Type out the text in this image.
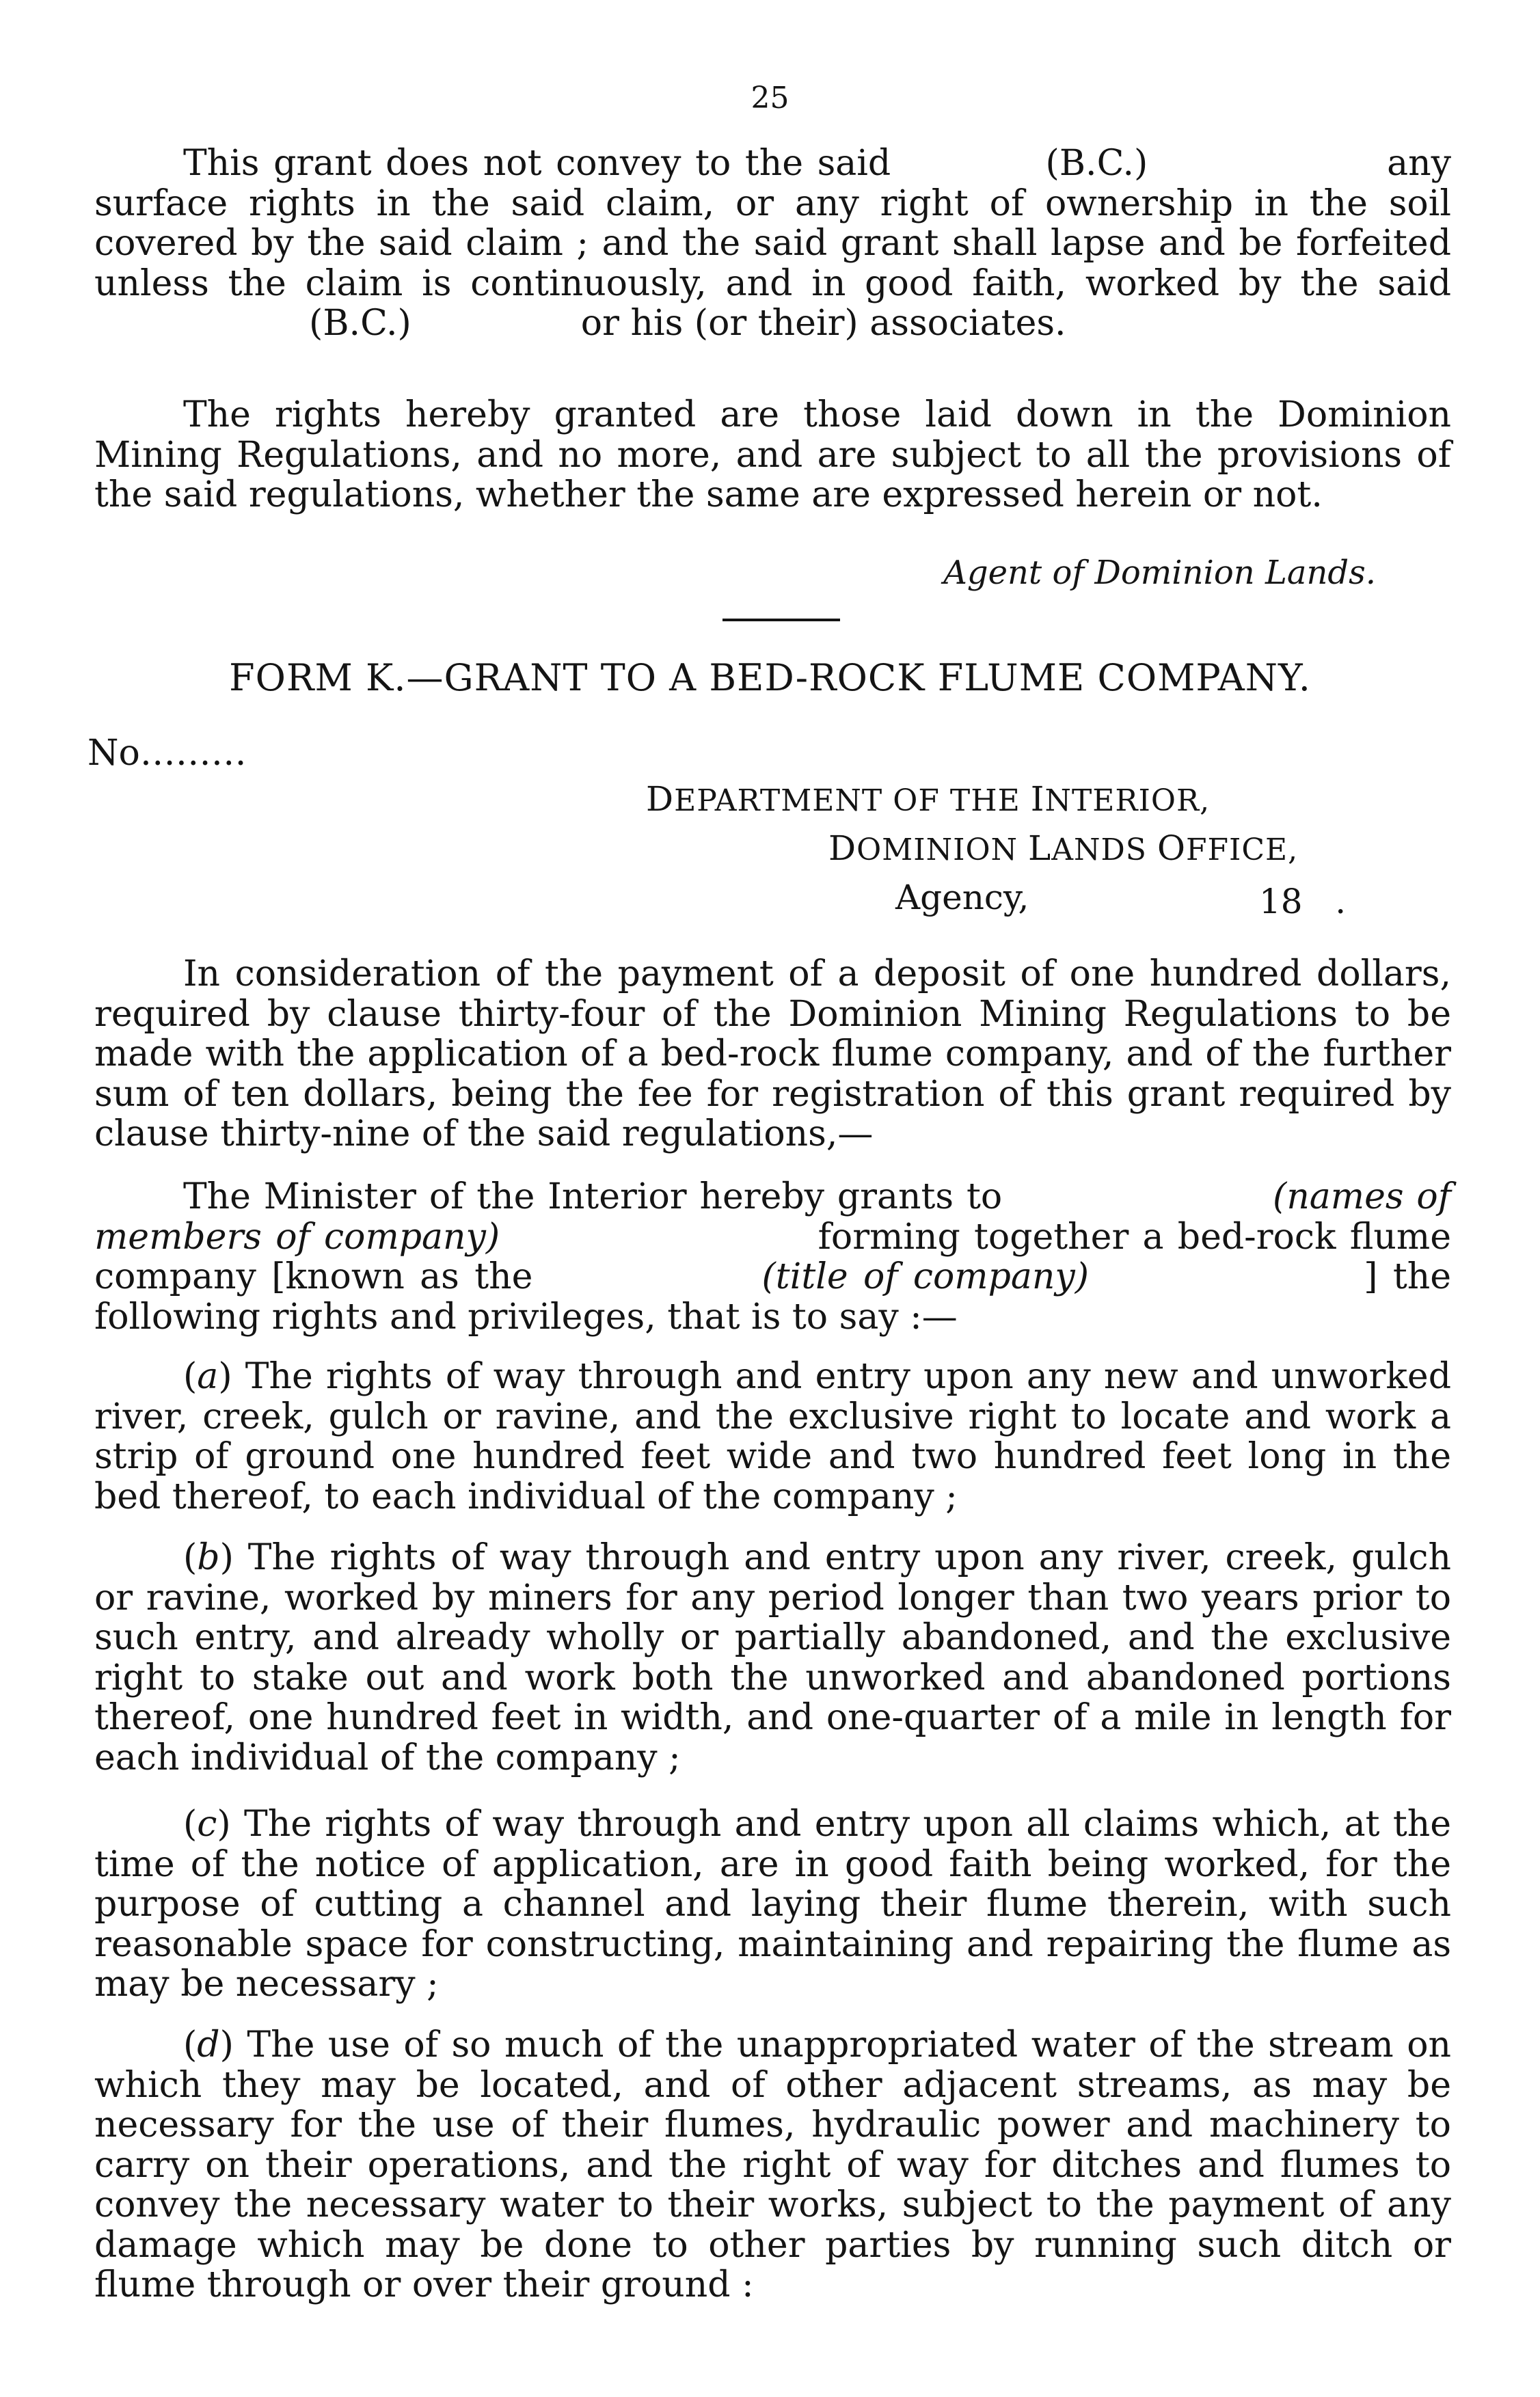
25

This grant does not convey to the said           (B.C.)                 any surface rights in the said claim, or any right of ownership in the soil covered by the said claim ; and the said grant shall lapse and be forfeited unless the claim is continuously, and in good faith, worked by the said                    (B.C.)               or his (or their) associates.

The rights hereby granted are those laid down in the Dominion Mining Regulations, and no more, and are subject to all the provisions of the said regulations, whether the same are expressed herein or not.

Agent of Dominion Lands.
FORM K.—GRANT TO A BED-ROCK FLUME COMPANY.
No………
DEPARTMENT OF THE INTERIOR,
DOMINION LANDS OFFICE,
Agency,	18   .

In consideration of the payment of a deposit of one hundred dollars, required by clause thirty-four of the Dominion Mining Regulations to be made with the application of a bed-rock flume company, and of the further sum of ten dollars, being the fee for registration of this grant required by clause thirty-nine of the said regulations,—

The Minister of the Interior hereby grants to                     (names of members of company)                       forming together a bed-rock flume company [known as the               (title of company)                  ] the following rights and privileges, that is to say :—

(a) The rights of way through and entry upon any new and unworked river, creek, gulch or ravine, and the exclusive right to locate and work a strip of ground one hundred feet wide and two hundred feet long in the bed thereof, to each individual of the company ;

(b) The rights of way through and entry upon any river, creek, gulch or ravine, worked by miners for any period longer than two years prior to such entry, and already wholly or partially abandoned, and the exclusive right to stake out and work both the unworked and abandoned portions thereof, one hundred feet in width, and one-quarter of a mile in length for each individual of the company ;

(c) The rights of way through and entry upon all claims which, at the time of the notice of application, are in good faith being worked, for the purpose of cutting a channel and laying their flume therein, with such reasonable space for constructing, maintaining and repairing the flume as may be necessary ;

(d) The use of so much of the unappropriated water of the stream on which they may be located, and of other adjacent streams, as may be necessary for the use of their flumes, hydraulic power and machinery to carry on their operations, and the right of way for ditches and flumes to convey the necessary water to their works, subject to the payment of any damage which may be done to other parties by running such ditch or flume through or over their ground :
